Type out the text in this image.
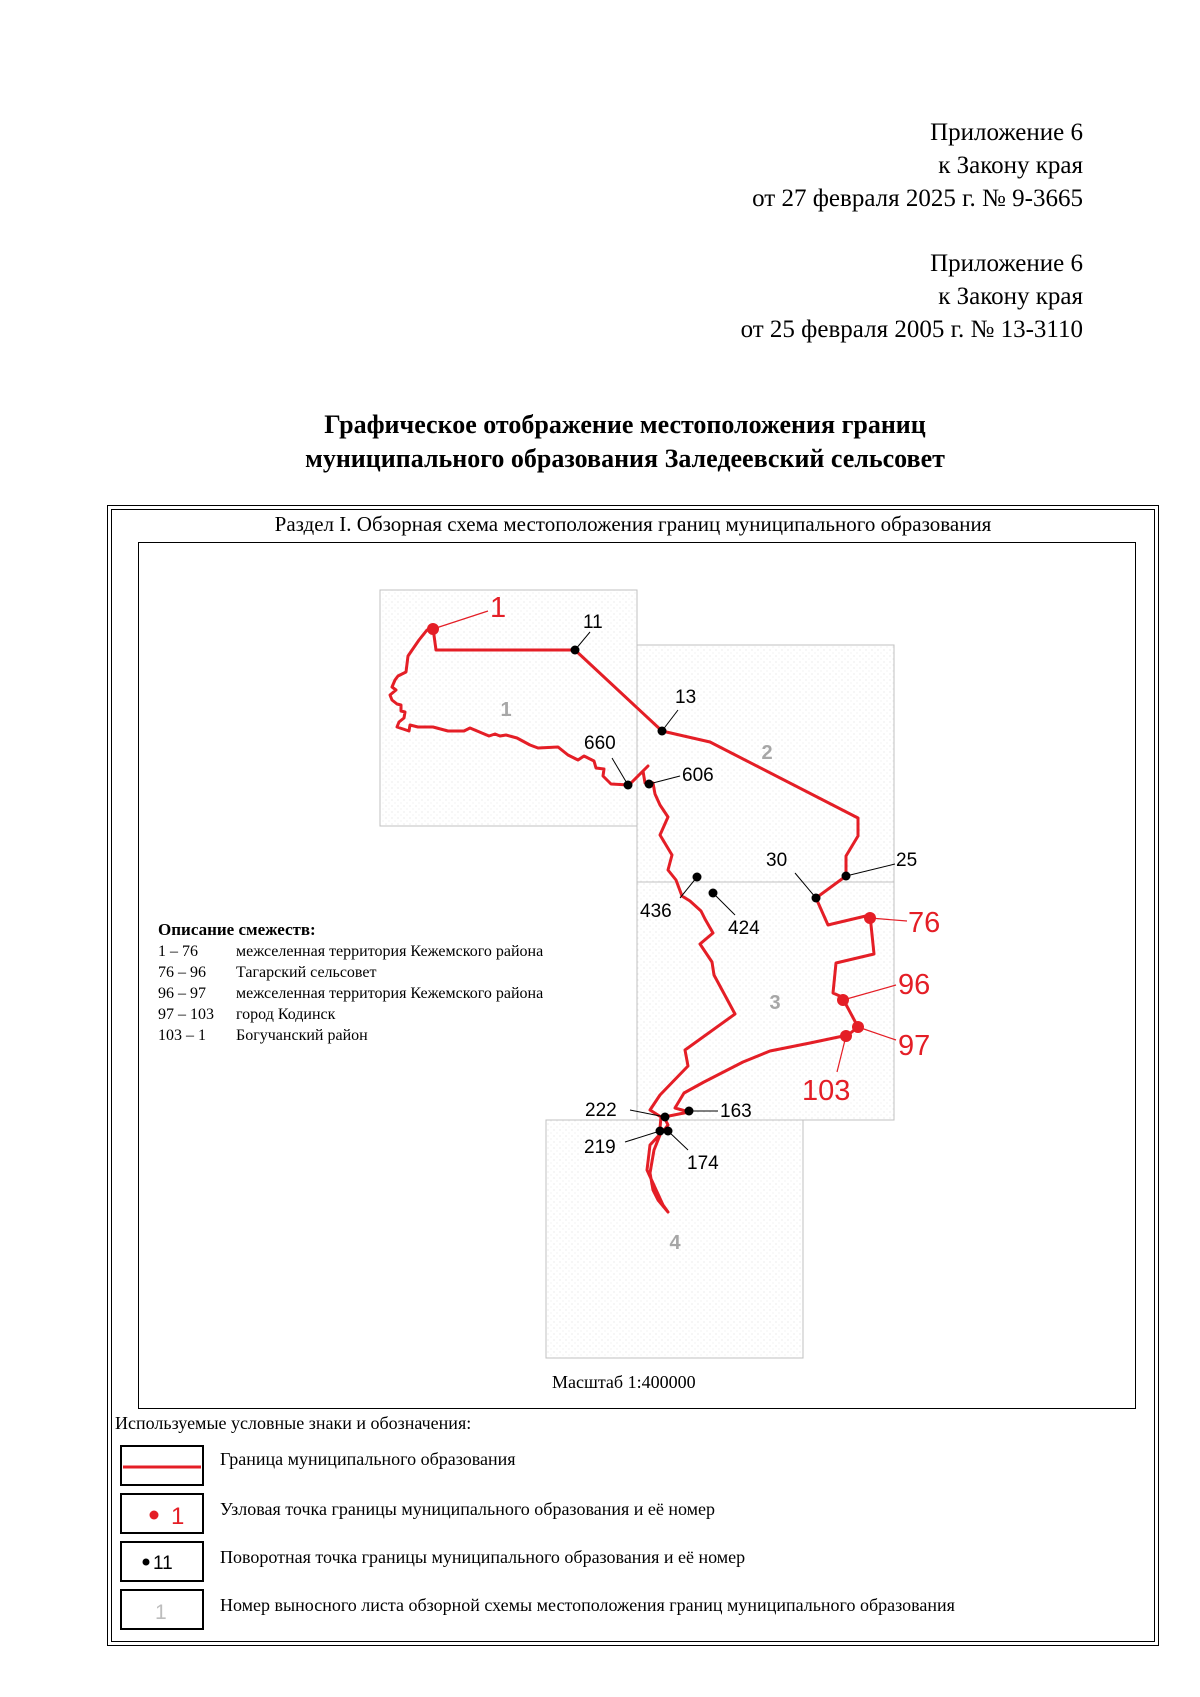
Приложение 6
к Закону края
от 27 февраля 2025 г. № 9-3665
Приложение 6
к Закону края
от 25 февраля 2005 г. № 13-3110
Графическое отображение местоположения границ
муниципального образования Заледеевский сельсовет
Раздел I. Обзорная схема местоположения границ муниципального образования
1
2
3
4
11
13
660
606
30	25
436
424
222	163
219
174
1
76
96
97
103
1
11
1
Описание смежеств:
1 – 76	межселенная территория Кежемского района
76 – 96	Тагарский сельсовет
96 – 97	межселенная территория Кежемского района
97 – 103	город Кодинск
103 – 1	Богучанский район
Масштаб 1:400000
Используемые условные знаки и обозначения:
Граница муниципального образования
Узловая точка границы муниципального образования и её номер
Поворотная точка границы муниципального образования и её номер
Номер выносного листа обзорной схемы местоположения границ муниципального образования
